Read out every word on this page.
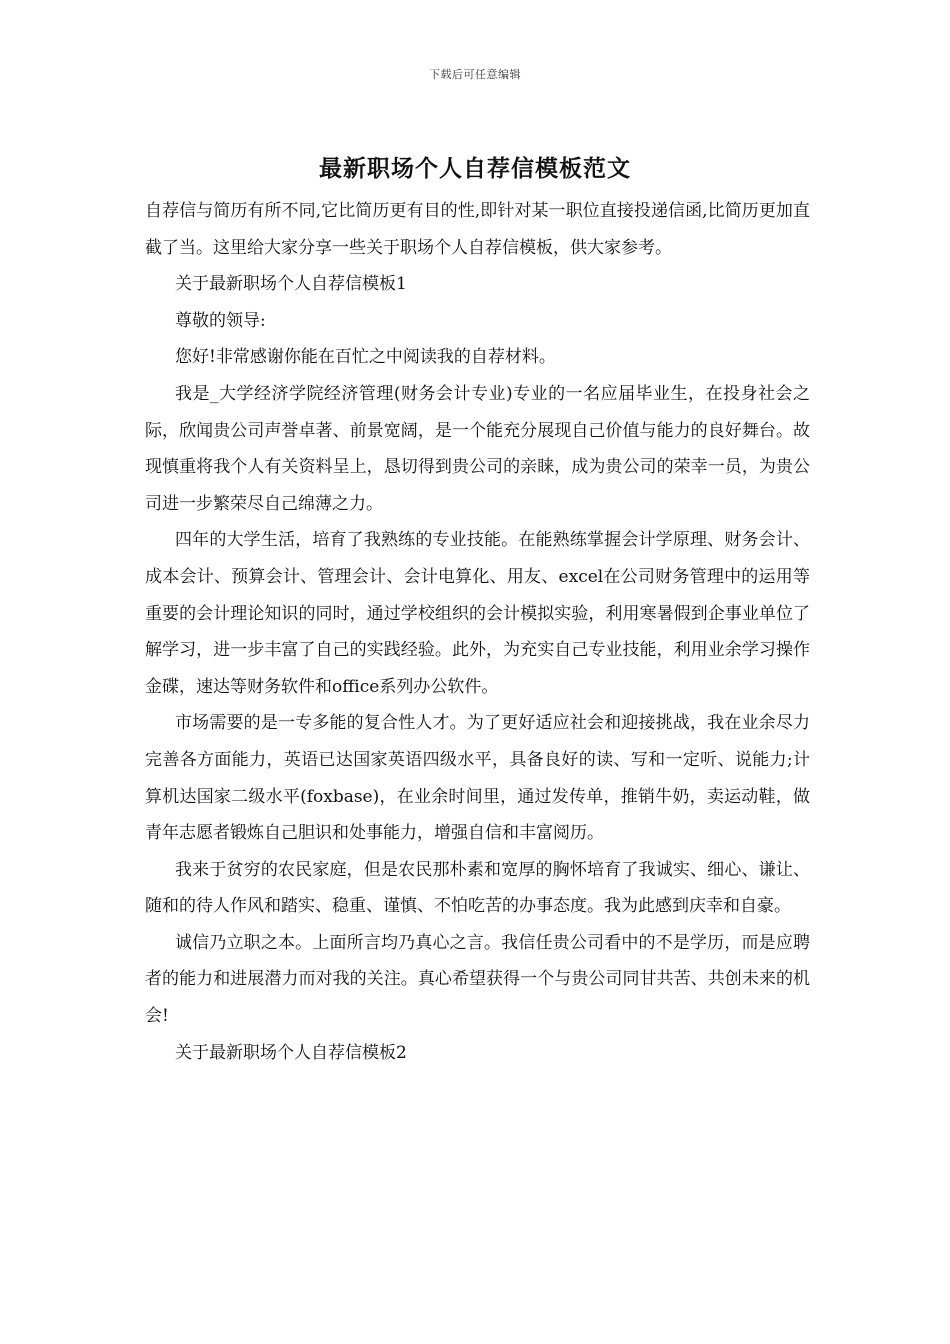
下载后可任意编辑
最新职场个人自荐信模板范文

自荐信与简历有所不同,它比简历更有目的性,即针对某一职位直接投递信函,比简历更加直截了当。这里给大家分享一些关于职场个人自荐信模板，供大家参考。

关于最新职场个人自荐信模板1

尊敬的领导:

您好!非常感谢你能在百忙之中阅读我的自荐材料。

我是_大学经济学院经济管理(财务会计专业)专业的一名应届毕业生，在投身社会之际，欣闻贵公司声誉卓著、前景宽阔，是一个能充分展现自己价值与能力的良好舞台。故现慎重将我个人有关资料呈上，恳切得到贵公司的亲睐，成为贵公司的荣幸一员，为贵公司进一步繁荣尽自己绵薄之力。

四年的大学生活，培育了我熟练的专业技能。在能熟练掌握会计学原理、财务会计、成本会计、预算会计、管理会计、会计电算化、用友、excel在公司财务管理中的运用等重要的会计理论知识的同时，通过学校组织的会计模拟实验，利用寒暑假到企事业单位了解学习，进一步丰富了自己的实践经验。此外，为充实自己专业技能，利用业余学习操作金碟，速达等财务软件和office系列办公软件。

市场需要的是一专多能的复合性人才。为了更好适应社会和迎接挑战，我在业余尽力完善各方面能力，英语已达国家英语四级水平，具备良好的读、写和一定听、说能力;计算机达国家二级水平(foxbase)，在业余时间里，通过发传单，推销牛奶，卖运动鞋，做青年志愿者锻炼自己胆识和处事能力，增强自信和丰富阅历。

我来于贫穷的农民家庭，但是农民那朴素和宽厚的胸怀培育了我诚实、细心、谦让、随和的待人作风和踏实、稳重、谨慎、不怕吃苦的办事态度。我为此感到庆幸和自豪。

诚信乃立职之本。上面所言均乃真心之言。我信任贵公司看中的不是学历，而是应聘者的能力和进展潜力而对我的关注。真心希望获得一个与贵公司同甘共苦、共创未来的机会!

关于最新职场个人自荐信模板2
